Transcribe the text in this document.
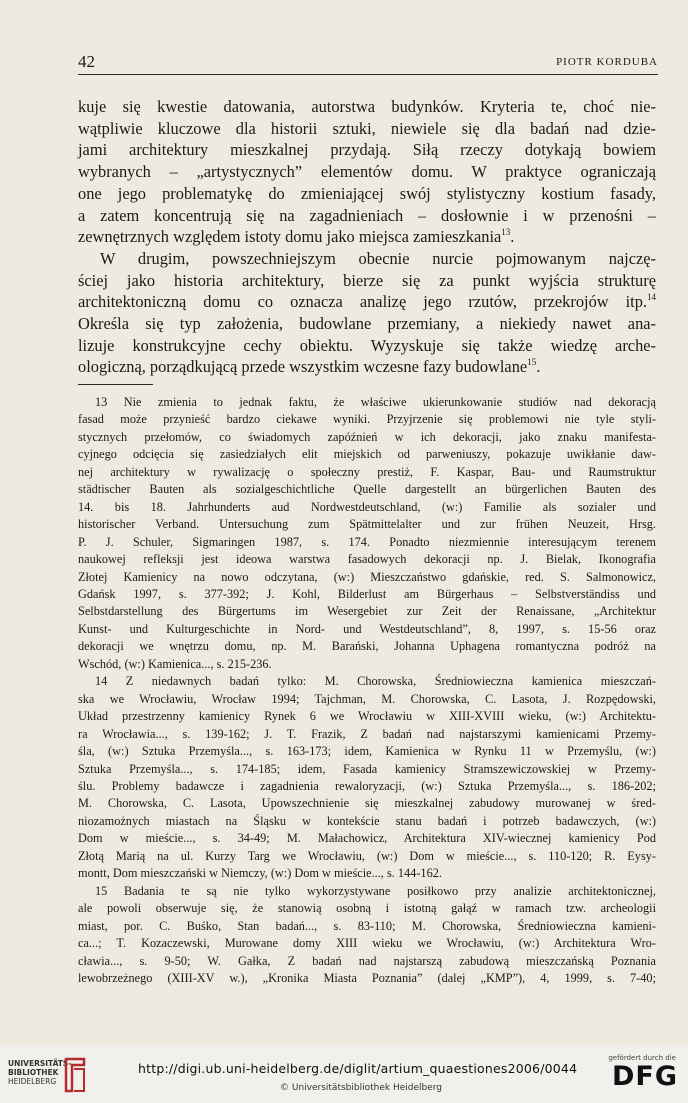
42	PIOTR KORDUBA

kuje się kwestie datowania, autorstwa budynków. Kryteria te, choć nie-
wątpliwie kluczowe dla historii sztuki, niewiele się dla badań nad dzie-
jami architektury mieszkalnej przydają. Siłą rzeczy dotykają bowiem
wybranych – „artystycznych” elementów domu. W praktyce ograniczają
one jego problematykę do zmieniającej swój stylistyczny kostium fasady,
a zatem koncentrują się na zagadnieniach – dosłownie i w przenośni –
zewnętrznych względem istoty domu jako miejsca zamieszkania$^{13}$.

W drugim, powszechniejszym obecnie nurcie pojmowanym najczę-
ściej jako historia architektury, bierze się za punkt wyjścia strukturę
architektoniczną domu co oznacza analizę jego rzutów, przekrojów itp.$^{14}$
Określa się typ założenia, budowlane przemiany, a niekiedy nawet ana-
lizuje konstrukcyjne cechy obiektu. Wyzyskuje się także wiedzę arche-
ologiczną, porządkującą przede wszystkim wczesne fazy budowlane$^{15}$.

13 Nie zmienia to jednak faktu, że właściwe ukierunkowanie studiów nad dekoracją
fasad może przynieść bardzo ciekawe wyniki. Przyjrzenie się problemowi nie tyle styli-
stycznych przełomów, co świadomych zapóźnień w ich dekoracji, jako znaku manifesta-
cyjnego odcięcia się zasiedziałych elit miejskich od parweniuszy, pokazuje uwikłanie daw-
nej architektury w rywalizację o społeczny prestiż, F. Kaspar, Bau- und Raumstruktur
städtischer Bauten als sozialgeschichtliche Quelle dargestellt an bürgerlichen Bauten des
14. bis 18. Jahrhunderts aud Nordwestdeutschland, (w:) Familie als sozialer und
historischer Verband. Untersuchung zum Spätmittelalter und zur frühen Neuzeit, Hrsg.
P. J. Schuler, Sigmaringen 1987, s. 174. Ponadto niezmiennie interesującym terenem
naukowej refleksji jest ideowa warstwa fasadowych dekoracji np. J. Bielak, Ikonografia
Złotej Kamienicy na nowo odczytana, (w:) Mieszczaństwo gdańskie, red. S. Salmonowicz,
Gdańsk 1997, s. 377-392; J. Kohl, Bilderlust am Bürgerhaus – Selbstverständiss und
Selbstdarstellung des Bürgertums im Wesergebiet zur Zeit der Renaissane, „Architektur
Kunst- und Kulturgeschichte in Nord- und Westdeutschland”, 8, 1997, s. 15-56 oraz
dekoracji we wnętrzu domu, np. M. Barański, Johanna Uphagena romantyczna podróż na
Wschód, (w:) Kamienica..., s. 215-236.
14 Z niedawnych badań tylko: M. Chorowska, Średniowieczna kamienica mieszczań-
ska we Wrocławiu, Wrocław 1994; Tajchman, M. Chorowska, C. Lasota, J. Rozpędowski,
Układ przestrzenny kamienicy Rynek 6 we Wrocławiu w XIII-XVIII wieku, (w:) Architektu-
ra Wrocławia..., s. 139-162; J. T. Frazik, Z badań nad najstarszymi kamienicami Przemy-
śla, (w:) Sztuka Przemyśla..., s. 163-173; idem, Kamienica w Rynku 11 w Przemyślu, (w:)
Sztuka Przemyśla..., s. 174-185; idem, Fasada kamienicy Stramszewiczowskiej w Przemy-
ślu. Problemy badawcze i zagadnienia rewaloryzacji, (w:) Sztuka Przemyśla..., s. 186-202;
M. Chorowska, C. Lasota, Upowszechnienie się mieszkalnej zabudowy murowanej w śred-
niozamożnych miastach na Śląsku w kontekście stanu badań i potrzeb badawczych, (w:)
Dom w mieście..., s. 34-49; M. Małachowicz, Architektura XIV-wiecznej kamienicy Pod
Złotą Marią na ul. Kurzy Targ we Wrocławiu, (w:) Dom w mieście..., s. 110-120; R. Eysy-
montt, Dom mieszczański w Niemczy, (w:) Dom w mieście..., s. 144-162.
15 Badania te są nie tylko wykorzystywane posiłkowo przy analizie architektonicznej,
ale powoli obserwuje się, że stanowią osobną i istotną gałąź w ramach tzw. archeologii
miast, por. C. Buśko, Stan badań..., s. 83-110; M. Chorowska, Średniowieczna kamieni-
ca...; T. Kozaczewski, Murowane domy XIII wieku we Wrocławiu, (w:) Architektura Wro-
cławia..., s. 9-50; W. Gałka, Z badań nad najstarszą zabudową mieszczańską Poznania
lewobrzeżnego (XIII-XV w.), „Kronika Miasta Poznania” (dalej „KMP”), 4, 1999, s. 7-40;
UNIVERSITÄTS-
BIBLIOTHEK
HEIDELBERG
http://digi.ub.uni-heidelberg.de/diglit/artium_quaestiones2006/0044
© Universitätsbibliothek Heidelberg
gefördert durch die
DFG
